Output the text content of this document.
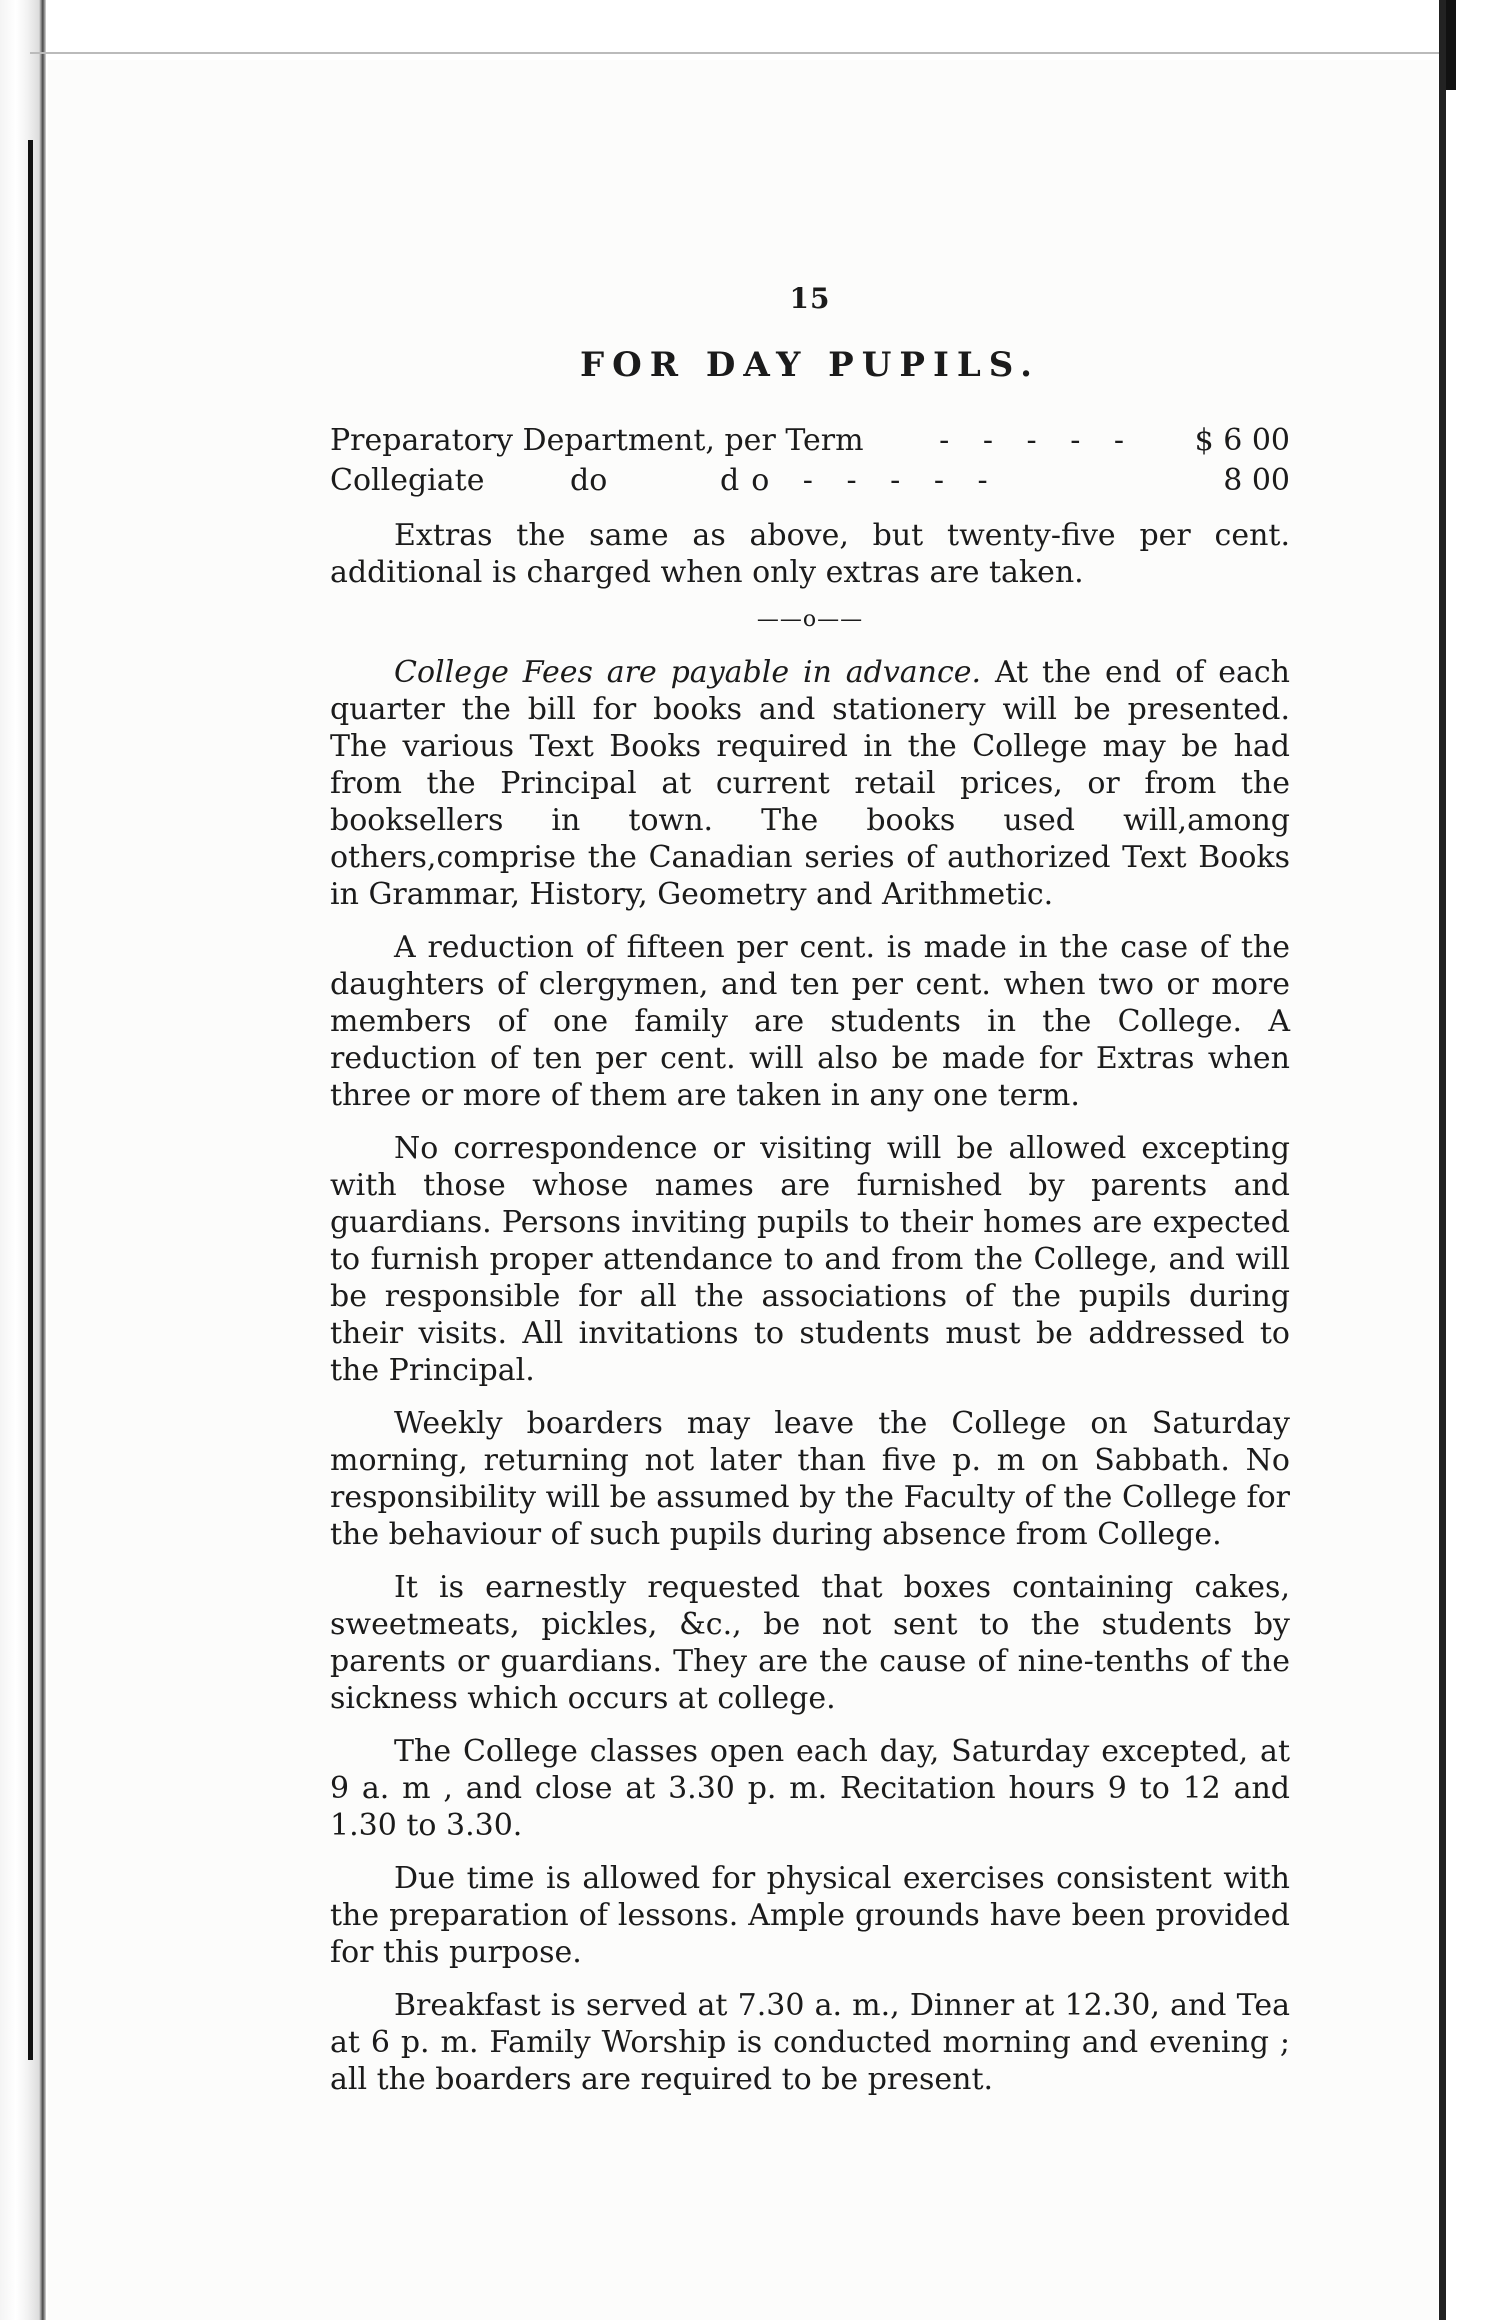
15
FOR DAY PUPILS.
Preparatory Department, per Term	- - - - -	$ 6 00
Collegiate	do	do - - - - -	8 00

Extras the same as above, but twenty-five per cent. additional is charged when only extras are taken.

——o——

College Fees are payable in advance. At the end of each quarter the bill for books and stationery will be presented. The various Text Books required in the College may be had from the Principal at current retail prices, or from the booksellers in town. The books used will,among others,comprise the Canadian series of authorized Text Books in Grammar, History, Geometry and Arithmetic.

A reduction of fifteen per cent. is made in the case of the daughters of clergymen, and ten per cent. when two or more members of one family are students in the College. A reduction of ten per cent. will also be made for Extras when three or more of them are taken in any one term.

No correspondence or visiting will be allowed excepting with those whose names are furnished by parents and guardians. Persons inviting pupils to their homes are expected to furnish proper attendance to and from the College, and will be responsible for all the associations of the pupils during their visits. All invitations to students must be addressed to the Principal.

Weekly boarders may leave the College on Saturday morning, returning not later than five p. m on Sabbath. No responsibility will be assumed by the Faculty of the College for the behaviour of such pupils during absence from College.

It is earnestly requested that boxes containing cakes, sweetmeats, pickles, &c., be not sent to the students by parents or guardians. They are the cause of nine-tenths of the sickness which occurs at college.

The College classes open each day, Saturday excepted, at 9 a. m , and close at 3.30 p. m. Recitation hours 9 to 12 and 1.30 to 3.30.

Due time is allowed for physical exercises consistent with the preparation of lessons. Ample grounds have been provided for this purpose.

Breakfast is served at 7.30 a. m., Dinner at 12.30, and Tea at 6 p. m. Family Worship is conducted morning and evening ; all the boarders are required to be present.
